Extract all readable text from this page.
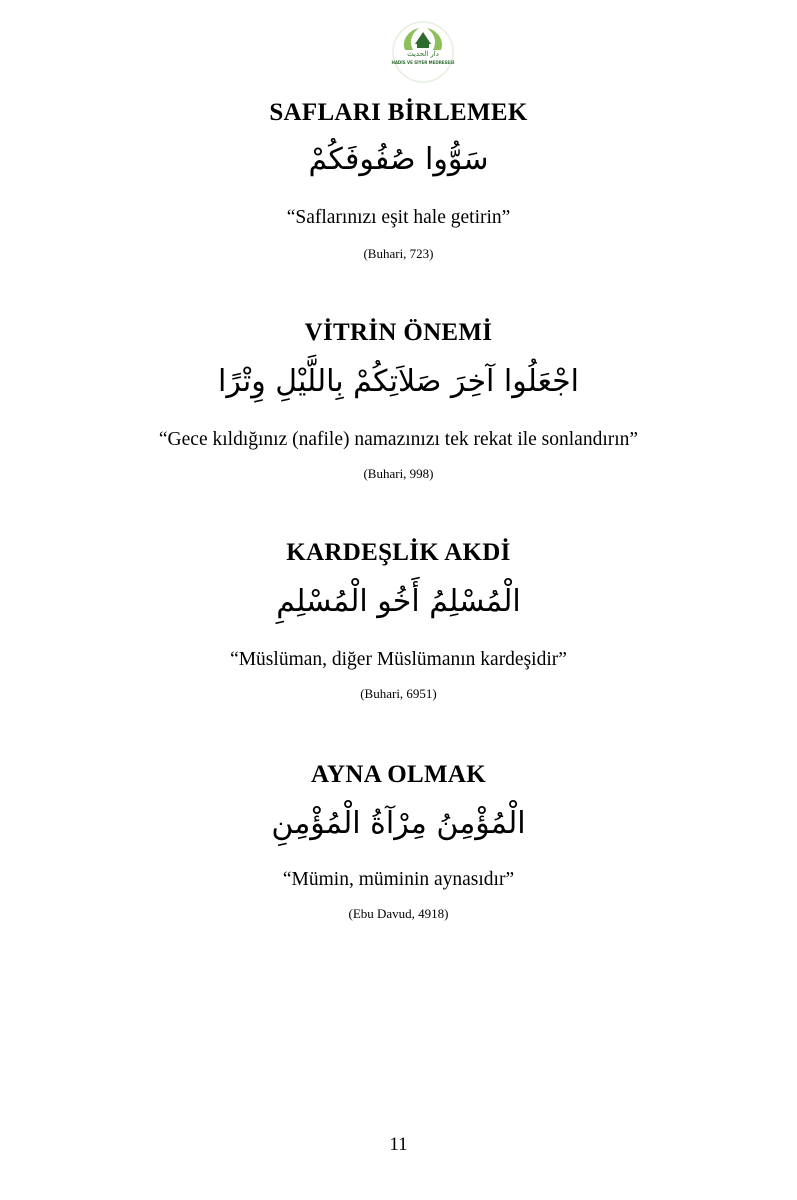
دار الحديث
HADİS VE SİYER MEDRESESİ
SAFLARI BİRLEMEK
سَوُّوا صُفُوفَكُمْ
“Saflarınızı eşit hale getirin”
(Buhari, 723)
VİTRİN ÖNEMİ
اجْعَلُوا آخِرَ صَلاَتِكُمْ بِاللَّيْلِ وِتْرًا
“Gece kıldığınız (nafile) namazınızı tek rekat ile sonlandırın”
(Buhari, 998)
KARDEŞLİK AKDİ
الْمُسْلِمُ أَخُو الْمُسْلِمِ
“Müslüman, diğer Müslümanın kardeşidir”
(Buhari, 6951)
AYNA OLMAK
الْمُؤْمِنُ مِرْآةُ الْمُؤْمِنِ
“Mümin, müminin aynasıdır”
(Ebu Davud, 4918)
11
